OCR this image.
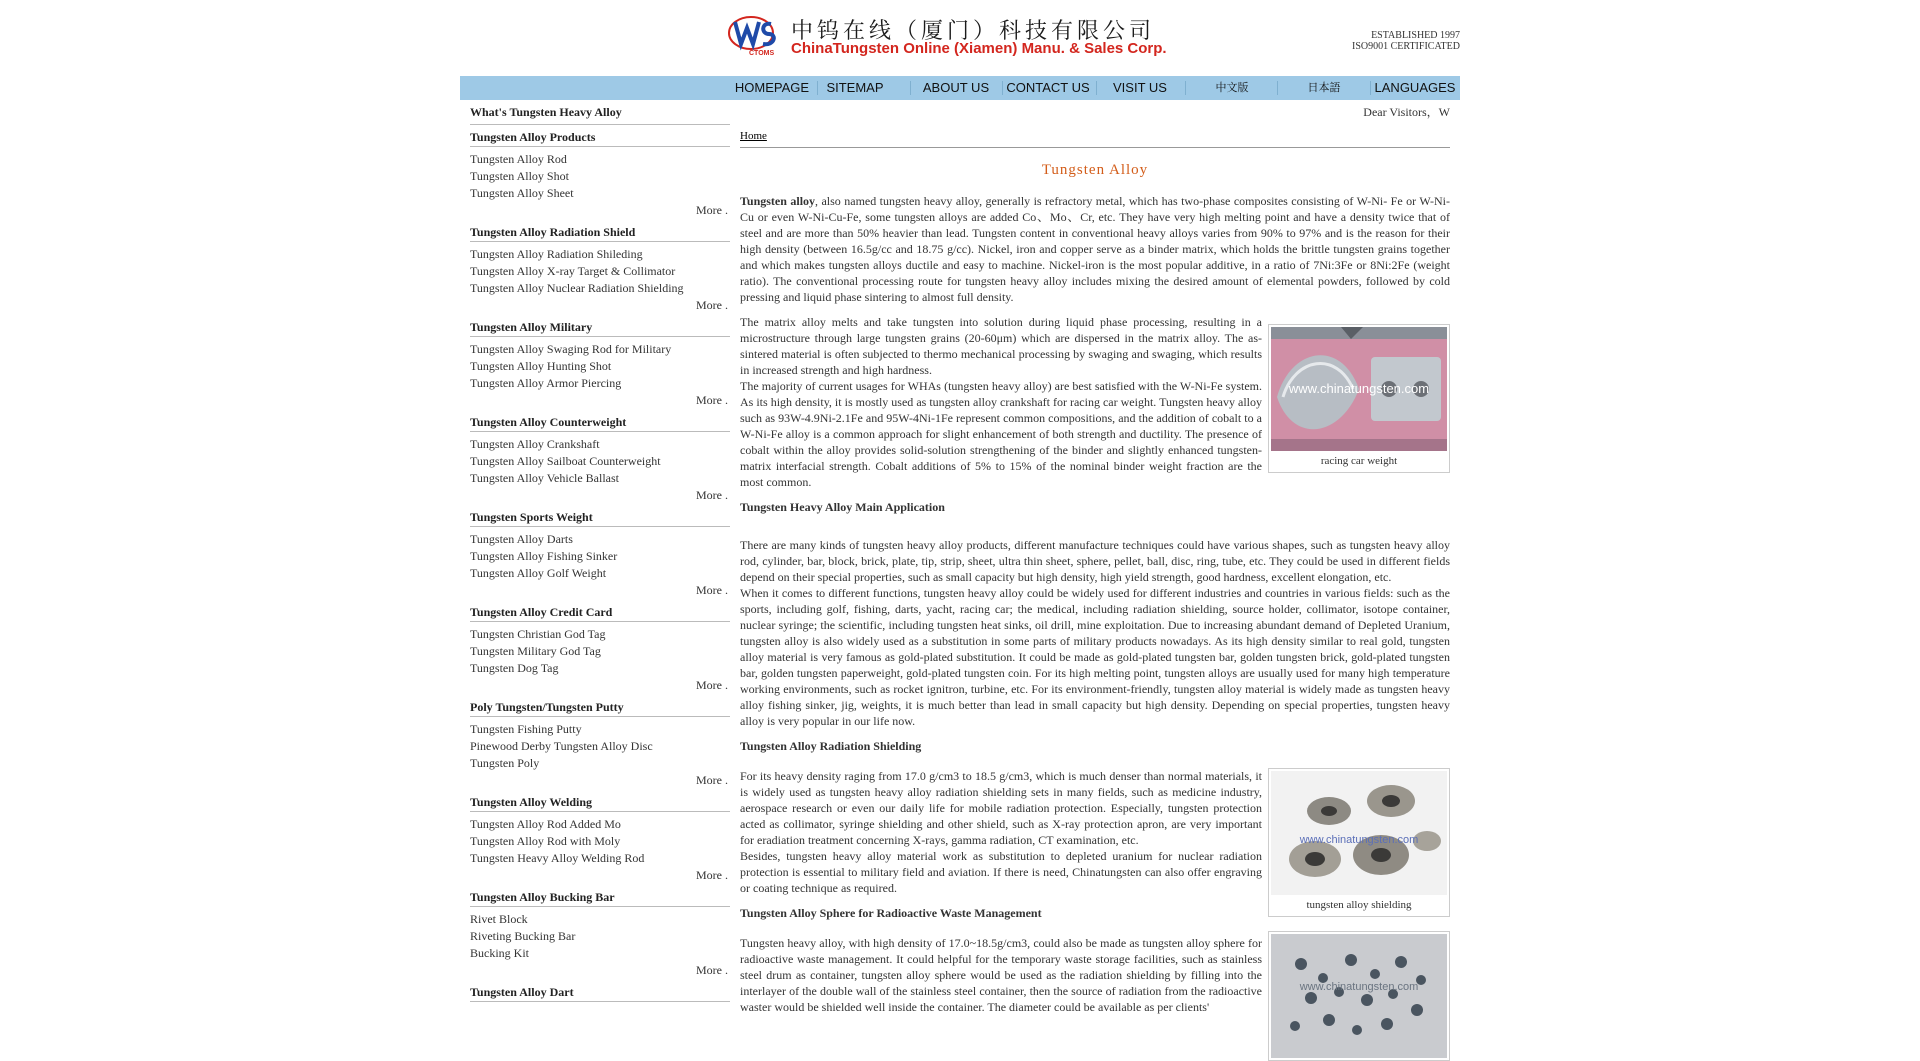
CTOMS
中钨在线（厦门）科技有限公司
ChinaTungsten Online (Xiamen) Manu. & Sales Corp.
ESTABLISHED 1997
ISO9001 CERTIFICATED
HOMEPAGE	SITEMAP	ABOUT US	CONTACT US	VISIT US	中文版	日本語	LANGUAGES
What's Tungsten Heavy Alloy
Tungsten Alloy Products
Tungsten Alloy Rod
Tungsten Alloy Shot
Tungsten Alloy Sheet
More .
Tungsten Alloy Radiation Shield
Tungsten Alloy Radiation Shileding
Tungsten Alloy X-ray Target & Collimator
Tungsten Alloy Nuclear Radiation Shielding
More .
Tungsten Alloy Military
Tungsten Alloy Swaging Rod for Military
Tungsten Alloy Hunting Shot
Tungsten Alloy Armor Piercing
More .
Tungsten Alloy Counterweight
Tungsten Alloy Crankshaft
Tungsten Alloy Sailboat Counterweight
Tungsten Alloy Vehicle Ballast
More .
Tungsten Sports Weight
Tungsten Alloy Darts
Tungsten Alloy Fishing Sinker
Tungsten Alloy Golf Weight
More .
Tungsten Alloy Credit Card
Tungsten Christian God Tag
Tungsten Military God Tag
Tungsten Dog Tag
More .
Poly Tungsten/Tungsten Putty
Tungsten Fishing Putty
Pinewood Derby Tungsten Alloy Disc
Tungsten Poly
More .
Tungsten Alloy Welding
Tungsten Alloy Rod Added Mo
Tungsten Alloy Rod with Moly
Tungsten Heavy Alloy Welding Rod
More .
Tungsten Alloy Bucking Bar
Rivet Block
Riveting Bucking Bar
Bucking Kit
More .
Tungsten Alloy Dart
Dear Visitors，W
Home
Tungsten Alloy

Tungsten alloy, also named tungsten heavy alloy, generally is refractory metal, which has two-phase composites consisting of W-Ni- Fe or W-Ni-Cu or even W-Ni-Cu-Fe, some tungsten alloys are added Co、Mo、Cr, etc. They have very high melting point and have a density twice that of steel and are more than 50% heavier than lead. Tungsten content in conventional heavy alloys varies from 90% to 97% and is the reason for their high density (between 16.5g/cc and 18.75 g/cc). Nickel, iron and copper serve as a binder matrix, which holds the brittle tungsten grains together and which makes tungsten alloys ductile and easy to machine. Nickel-iron is the most popular additive, in a ratio of 7Ni:3Fe or 8Ni:2Fe (weight ratio). The conventional processing route for tungsten heavy alloy includes mixing the desired amount of elemental powders, followed by cold pressing and liquid phase sintering to almost full density.

www.chinatungsten.com
racing car weight

The matrix alloy melts and take tungsten into solution during liquid phase processing, resulting in a microstructure through large tungsten grains (20-60μm) which are dispersed in the matrix alloy. The as-sintered material is often subjected to thermo mechanical processing by swaging and swaging, which results in increased strength and high hardness.

The majority of current usages for WHAs (tungsten heavy alloy) are best satisfied with the W-Ni-Fe system. As its high density, it is mostly used as tungsten alloy crankshaft for racing car weight. Tungsten heavy alloy such as 93W-4.9Ni-2.1Fe and 95W-4Ni-1Fe represent common compositions, and the addition of cobalt to a W-Ni-Fe alloy is a common approach for slight enhancement of both strength and ductility. The presence of cobalt within the alloy provides solid-solution strengthening of the binder and slightly enhanced tungsten-matrix interfacial strength. Cobalt additions of 5% to 15% of the nominal binder weight fraction are the most common.

Tungsten Heavy Alloy Main Application

There are many kinds of tungsten heavy alloy products, different manufacture techniques could have various shapes, such as tungsten heavy alloy rod, cylinder, bar, block, brick, plate, tip, strip, sheet, ultra thin sheet, sphere, pellet, ball, disc, ring, tube, etc. They could be used in different fields depend on their special properties, such as small capacity but high density, high yield strength, good hardness, excellent elongation, etc.

When it comes to different functions, tungsten heavy alloy could be widely used for different industries and countries in various fields: such as the sports, including golf, fishing, darts, yacht, racing car; the medical, including radiation shielding, source holder, collimator, isotope container, nuclear syringe; the scientific, including tungsten heat sinks, oil drill, mine exploitation. Due to increasing abundant demand of Depleted Uranium, tungsten alloy is also widely used as a substitution in some parts of military products nowadays. As its high density similar to real gold, tungsten alloy material is very famous as gold-plated substitution. It could be made as gold-plated tungsten bar, golden tungsten brick, gold-plated tungsten bar, golden tungsten paperweight, gold-plated tungsten coin. For its high melting point, tungsten alloys are usually used for many high temperature working environments, such as rocket ignitron, turbine, etc. For its environment-friendly, tungsten alloy material is widely made as tungsten heavy alloy fishing sinker, jig, weights, it is much better than lead in small capacity but high density. Depending on special properties, tungsten heavy alloy is very popular in our life now.

Tungsten Alloy Radiation Shielding
www.chinatungsten.com
tungsten alloy shielding

For its heavy density raging from 17.0 g/cm3 to 18.5 g/cm3, which is much denser than normal materials, it is widely used as tungsten heavy alloy radiation shielding sets in many fields, such as medicine industry, aerospace research or even our daily life for mobile radiation protection. Especially, tungsten protection acted as collimator, syringe shielding and other shield, such as X-ray protection apron, are very important for eradiation treatment concerning X-rays, gamma radiation, CT examination, etc.

Besides, tungsten heavy alloy material work as substitution to depleted uranium for nuclear radiation protection is essential to military field and aviation. If there is need, Chinatungsten can also offer engraving or coating technique as required.

Tungsten Alloy Sphere for Radioactive Waste Management
www.chinatungsten.com

Tungsten heavy alloy, with high density of 17.0~18.5g/cm3, could also be made as tungsten alloy sphere for radioactive waste management. It could helpful for the temporary waste storage facilities, such as stainless steel drum as container, tungsten alloy sphere would be used as the radiation shielding by filling into the interlayer of the double wall of the stainless steel container, then the source of radiation from the radioactive waster would be shielded well inside the container. The diameter could be available as per clients'
